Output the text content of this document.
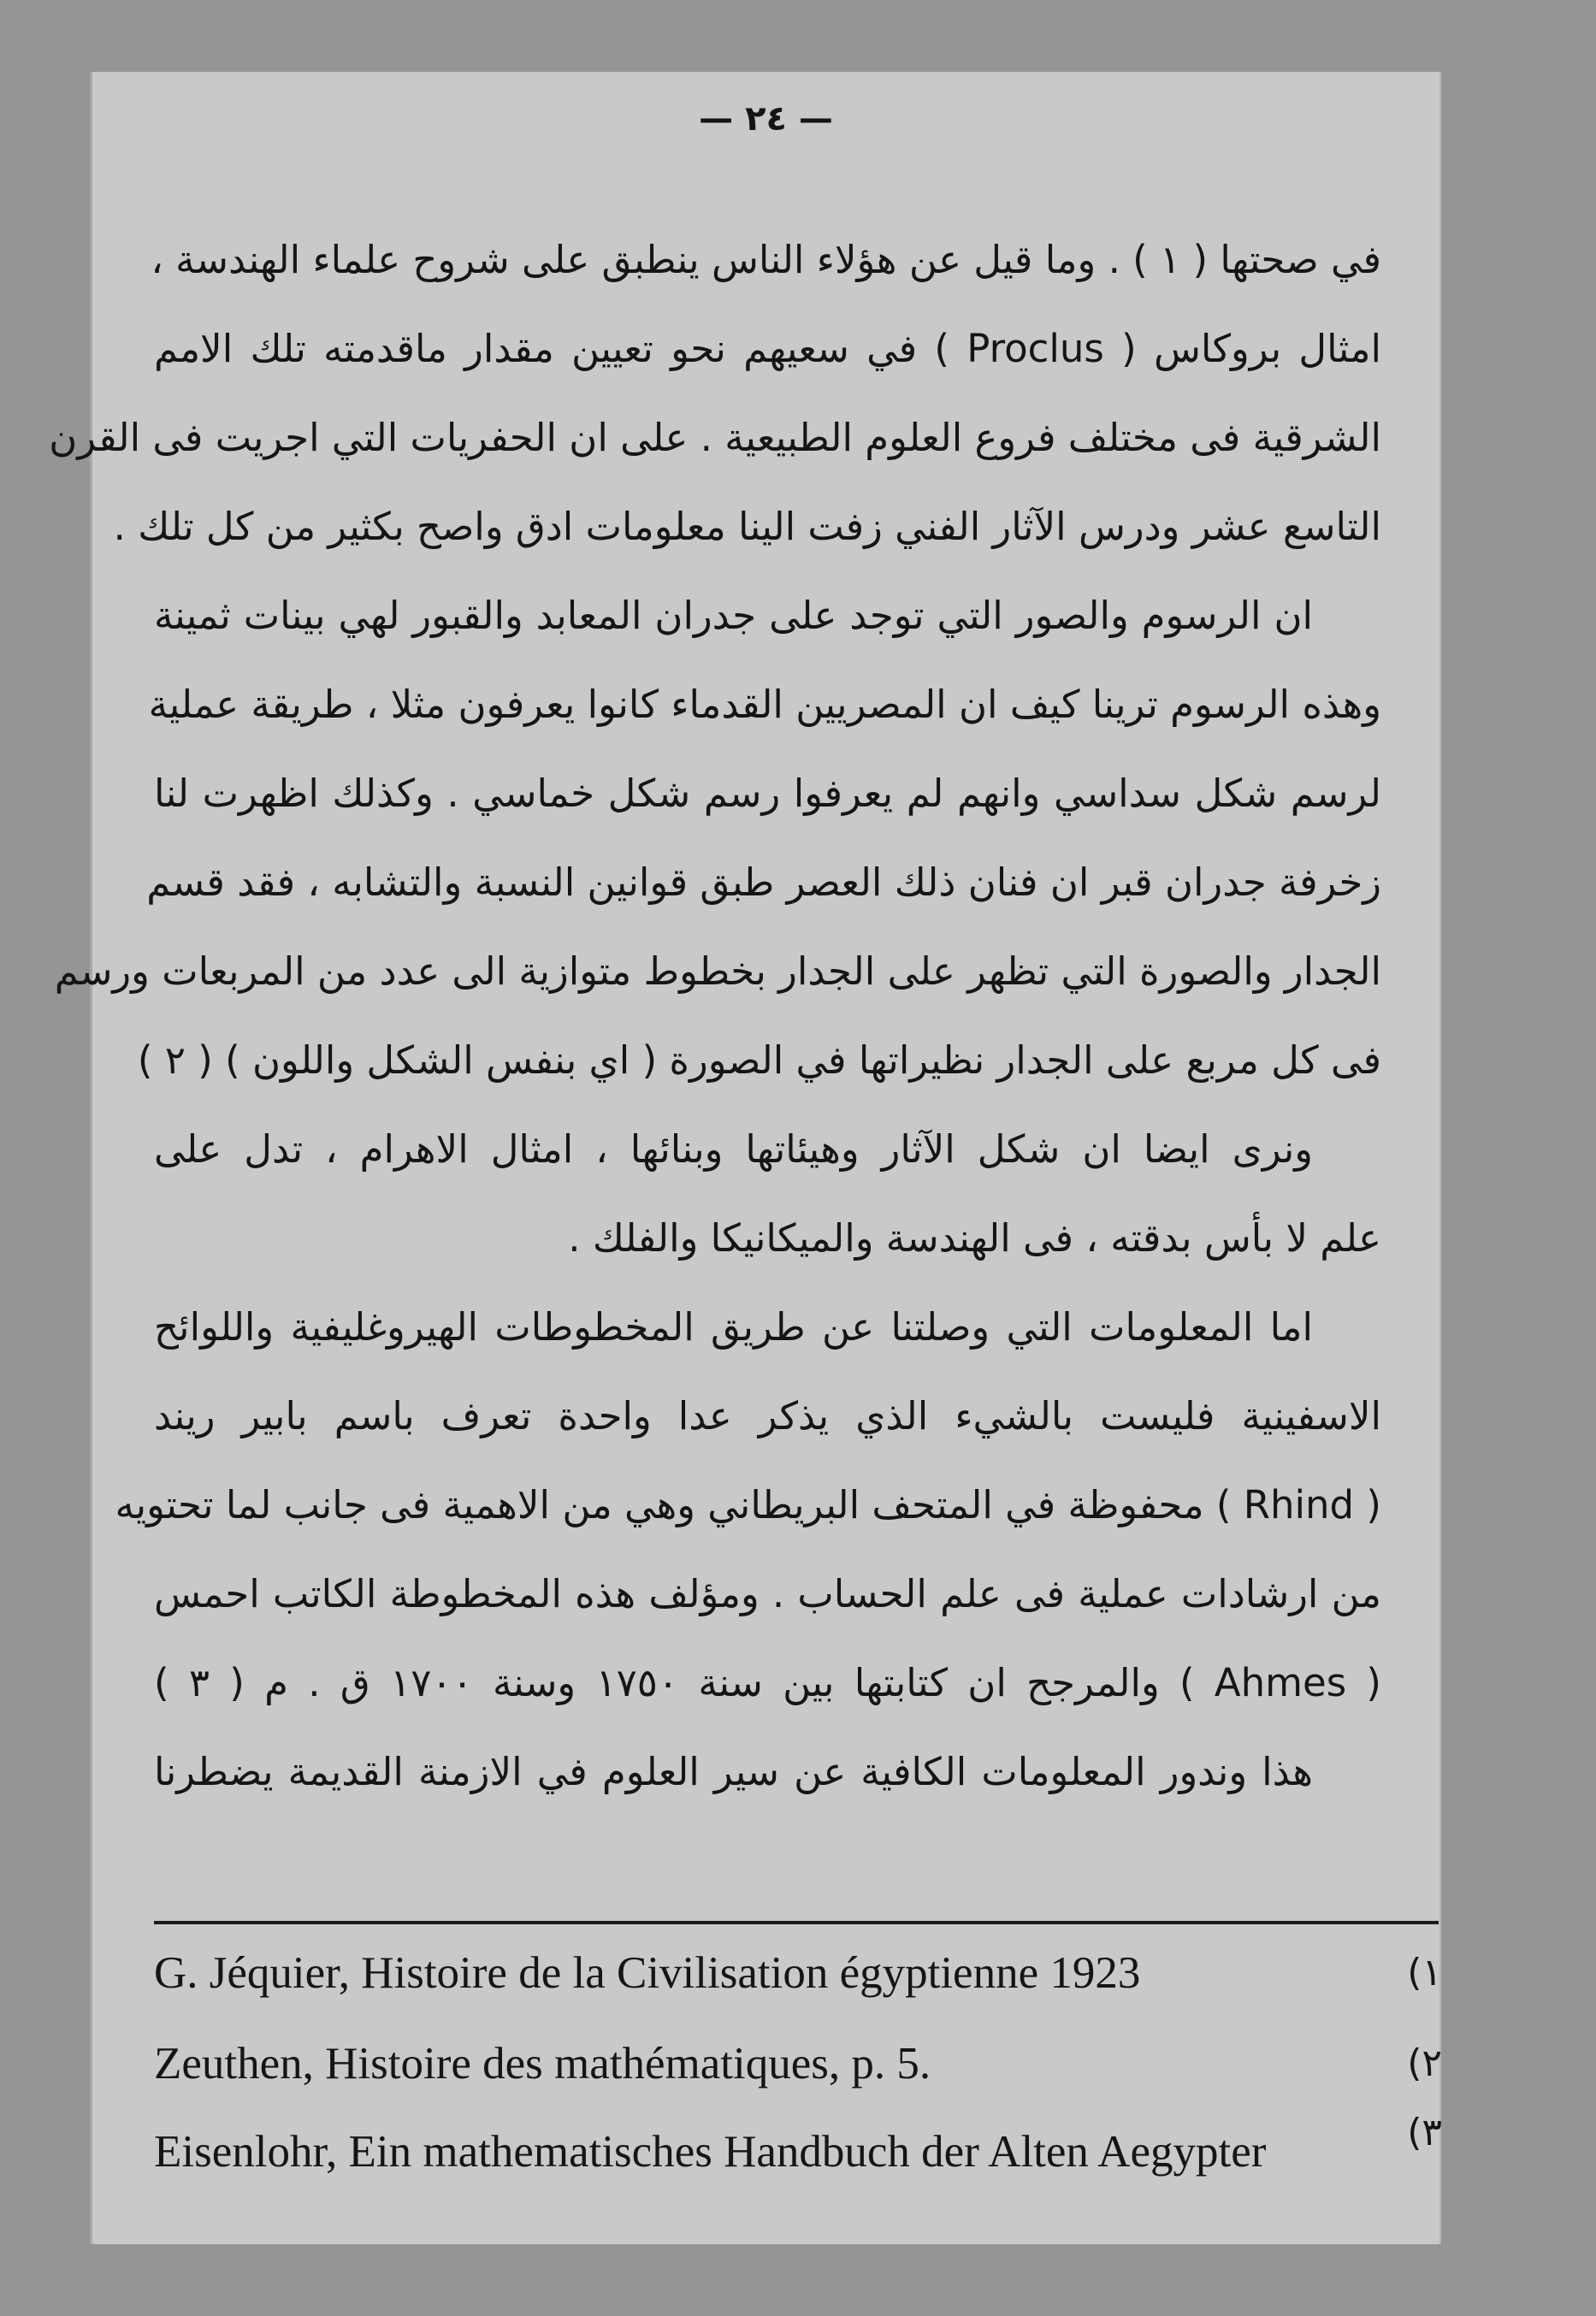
— ٢٤ —
في صحتها ( ١ ) . وما قيل عن هؤلاء الناس ينطبق على شروح علماء الهندسة ،
امثال بروكاس ( Proclus ) في سعيهم نحو تعيين مقدار ماقدمته تلك الامم
الشرقية فى مختلف فروع العلوم الطبيعية . على ان الحفريات التي اجريت فى القرن
التاسع عشر ودرس الآثار الفني زفت الينا معلومات ادق واصح بكثير من كل تلك .
ان الرسوم والصور التي توجد على جدران المعابد والقبور لهي بينات ثمينة
وهذه الرسوم ترينا كيف ان المصريين القدماء كانوا يعرفون مثلا ، طريقة عملية
لرسم شكل سداسي وانهم لم يعرفوا رسم شكل خماسي . وكذلك اظهرت لنا
زخرفة جدران قبر ان فنان ذلك العصر طبق قوانين النسبة والتشابه ، فقد قسم
الجدار والصورة التي تظهر على الجدار بخطوط متوازية الى عدد من المربعات ورسم
فى كل مربع على الجدار نظيراتها في الصورة ( اي بنفس الشكل واللون ) ( ٢ )
ونرى ايضا ان شكل الآثار وهيئاتها وبنائها ، امثال الاهرام ، تدل على
علم لا بأس بدقته ، فى الهندسة والميكانيكا والفلك .
اما المعلومات التي وصلتنا عن طريق المخطوطات الهيروغليفية واللوائح
الاسفينية فليست بالشيء الذي يذكر عدا واحدة تعرف باسم بابير ريند
( Rhind ) محفوظة في المتحف البريطاني وهي من الاهمية فى جانب لما تحتويه
من ارشادات عملية فى علم الحساب . ومؤلف هذه المخطوطة الكاتب احمس
( Ahmes ) والمرجح ان كتابتها بين سنة ١٧٥٠ وسنة ١٧٠٠ ق . م ( ٣ )
هذا وندور المعلومات الكافية عن سير العلوم في الازمنة القديمة يضطرنا
G. Jéquier, Histoire de la Civilisation égyptienne 1923	(١
Zeuthen, Histoire des mathématiques, p. 5.	(٢
Eisenlohr, Ein mathematisches Handbuch der Alten Aegypter	(٣
